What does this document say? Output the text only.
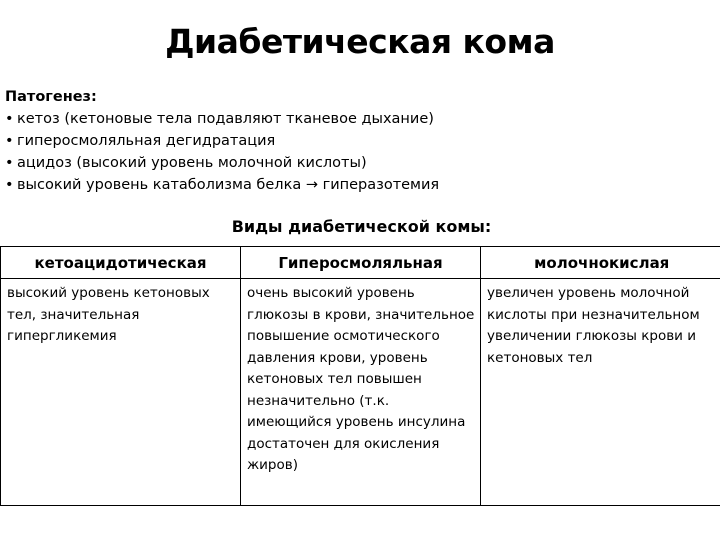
Диабетическая кома
Патогенез:
• кетоз (кетоновые тела подавляют тканевое дыхание)
• гиперосмоляльная дегидратация
• ацидоз (высокий уровень молочной кислоты)
• высокий уровень катаболизма белка → гиперазотемия
Виды диабетической комы:
кетоацидотическая	Гиперосмоляльная	молочнокислая
высокий уровень кетоновых тел, значительная гипергликемия	очень высокий уровень глюкозы в крови, значительное повышение осмотического давления крови, уровень кетоновых тел повышен незначительно (т.к. имеющийся уровень инсулина достаточен для окисления жиров)	увеличен уровень молочной кислоты при незначительном увеличении глюкозы крови и кетоновых тел
